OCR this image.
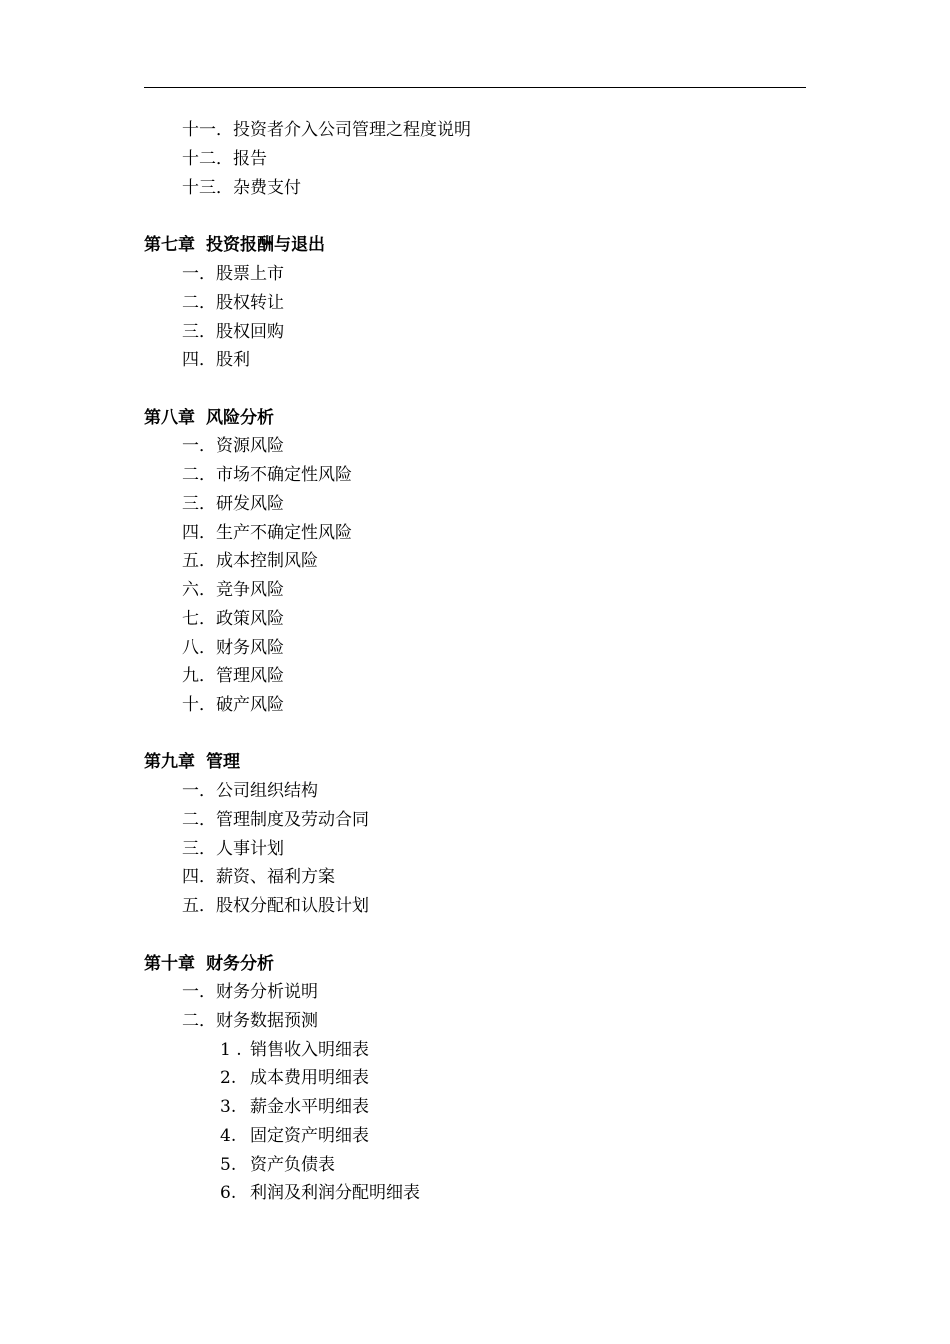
十一．投资者介入公司管理之程度说明
十二．报告
十三．杂费支付
第七章 投资报酬与退出
一．股票上市
二．股权转让
三．股权回购
四．股利
第八章 风险分析
一．资源风险
二．市场不确定性风险
三．研发风险
四．生产不确定性风险
五．成本控制风险
六．竞争风险
七．政策风险
八．财务风险
九．管理风险
十．破产风险
第九章 管理
一．公司组织结构
二．管理制度及劳动合同
三．人事计划
四．薪资、福利方案
五．股权分配和认股计划
第十章 财务分析
一．财务分析说明
二．财务数据预测
1 . 销售收入明细表
2. 成本费用明细表
3. 薪金水平明细表
4. 固定资产明细表
5. 资产负债表
6. 利润及利润分配明细表
